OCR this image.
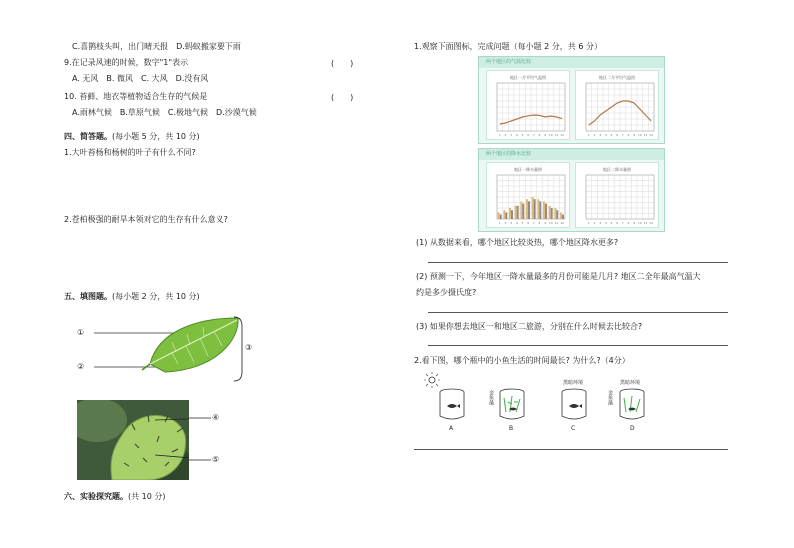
C.喜鹊枝头叫，出门晴天报　D.蚂蚁搬家要下雨
9.在记录风速的时候，数字"1"表示	(　　)
A. 无风　B. 微风　C. 大风　D.没有风
10. 苔藓、地衣等植物适合生存的气候是	(　　)
A.雨林气候　B.草原气候　C.极地气候　D.沙漠气候
四、简答题。(每小题 5 分，共 10 分)
1.大叶苔杨和杨树的叶子有什么不同?
2.苍柏极强的耐旱本领对它的生存有什么意义?
五、填图题。(每小题 2 分，共 10 分)
①
②
③
④
⑤
六、实验探究题。(共 10 分)
1.观察下面图标，完成问题（每小题 2 分，共 6 分）
两个地区的气温比较
地区一月平均气温图
1 2 3 4 5 6 7 8 9 10 11 12
地区二月平均气温图
1 2 3 4 5 6 7 8 9 10 11 12
两个地区的降水比较
地区一降水量图
1 2 3 4 5 6 7 8 9 10 11 12
地区二降水量图
1 2 3 4 5 6 7 8 9 10 11 12
(1) 从数据来看，哪个地区比较炎热，哪个地区降水更多?
(2) 预测一下，今年地区一降水量最多的月份可能是几月? 地区二全年最高气温大
约是多少摄氏度?
(3) 如果你想去地区一和地区二旅游，分别在什么时候去比较合?
2.看下图，哪个瓶中的小鱼生活的时间最长? 为什么?（4分）
金鱼藻
黑暗环境
金鱼藻
黑暗环境
A	B	C	D
